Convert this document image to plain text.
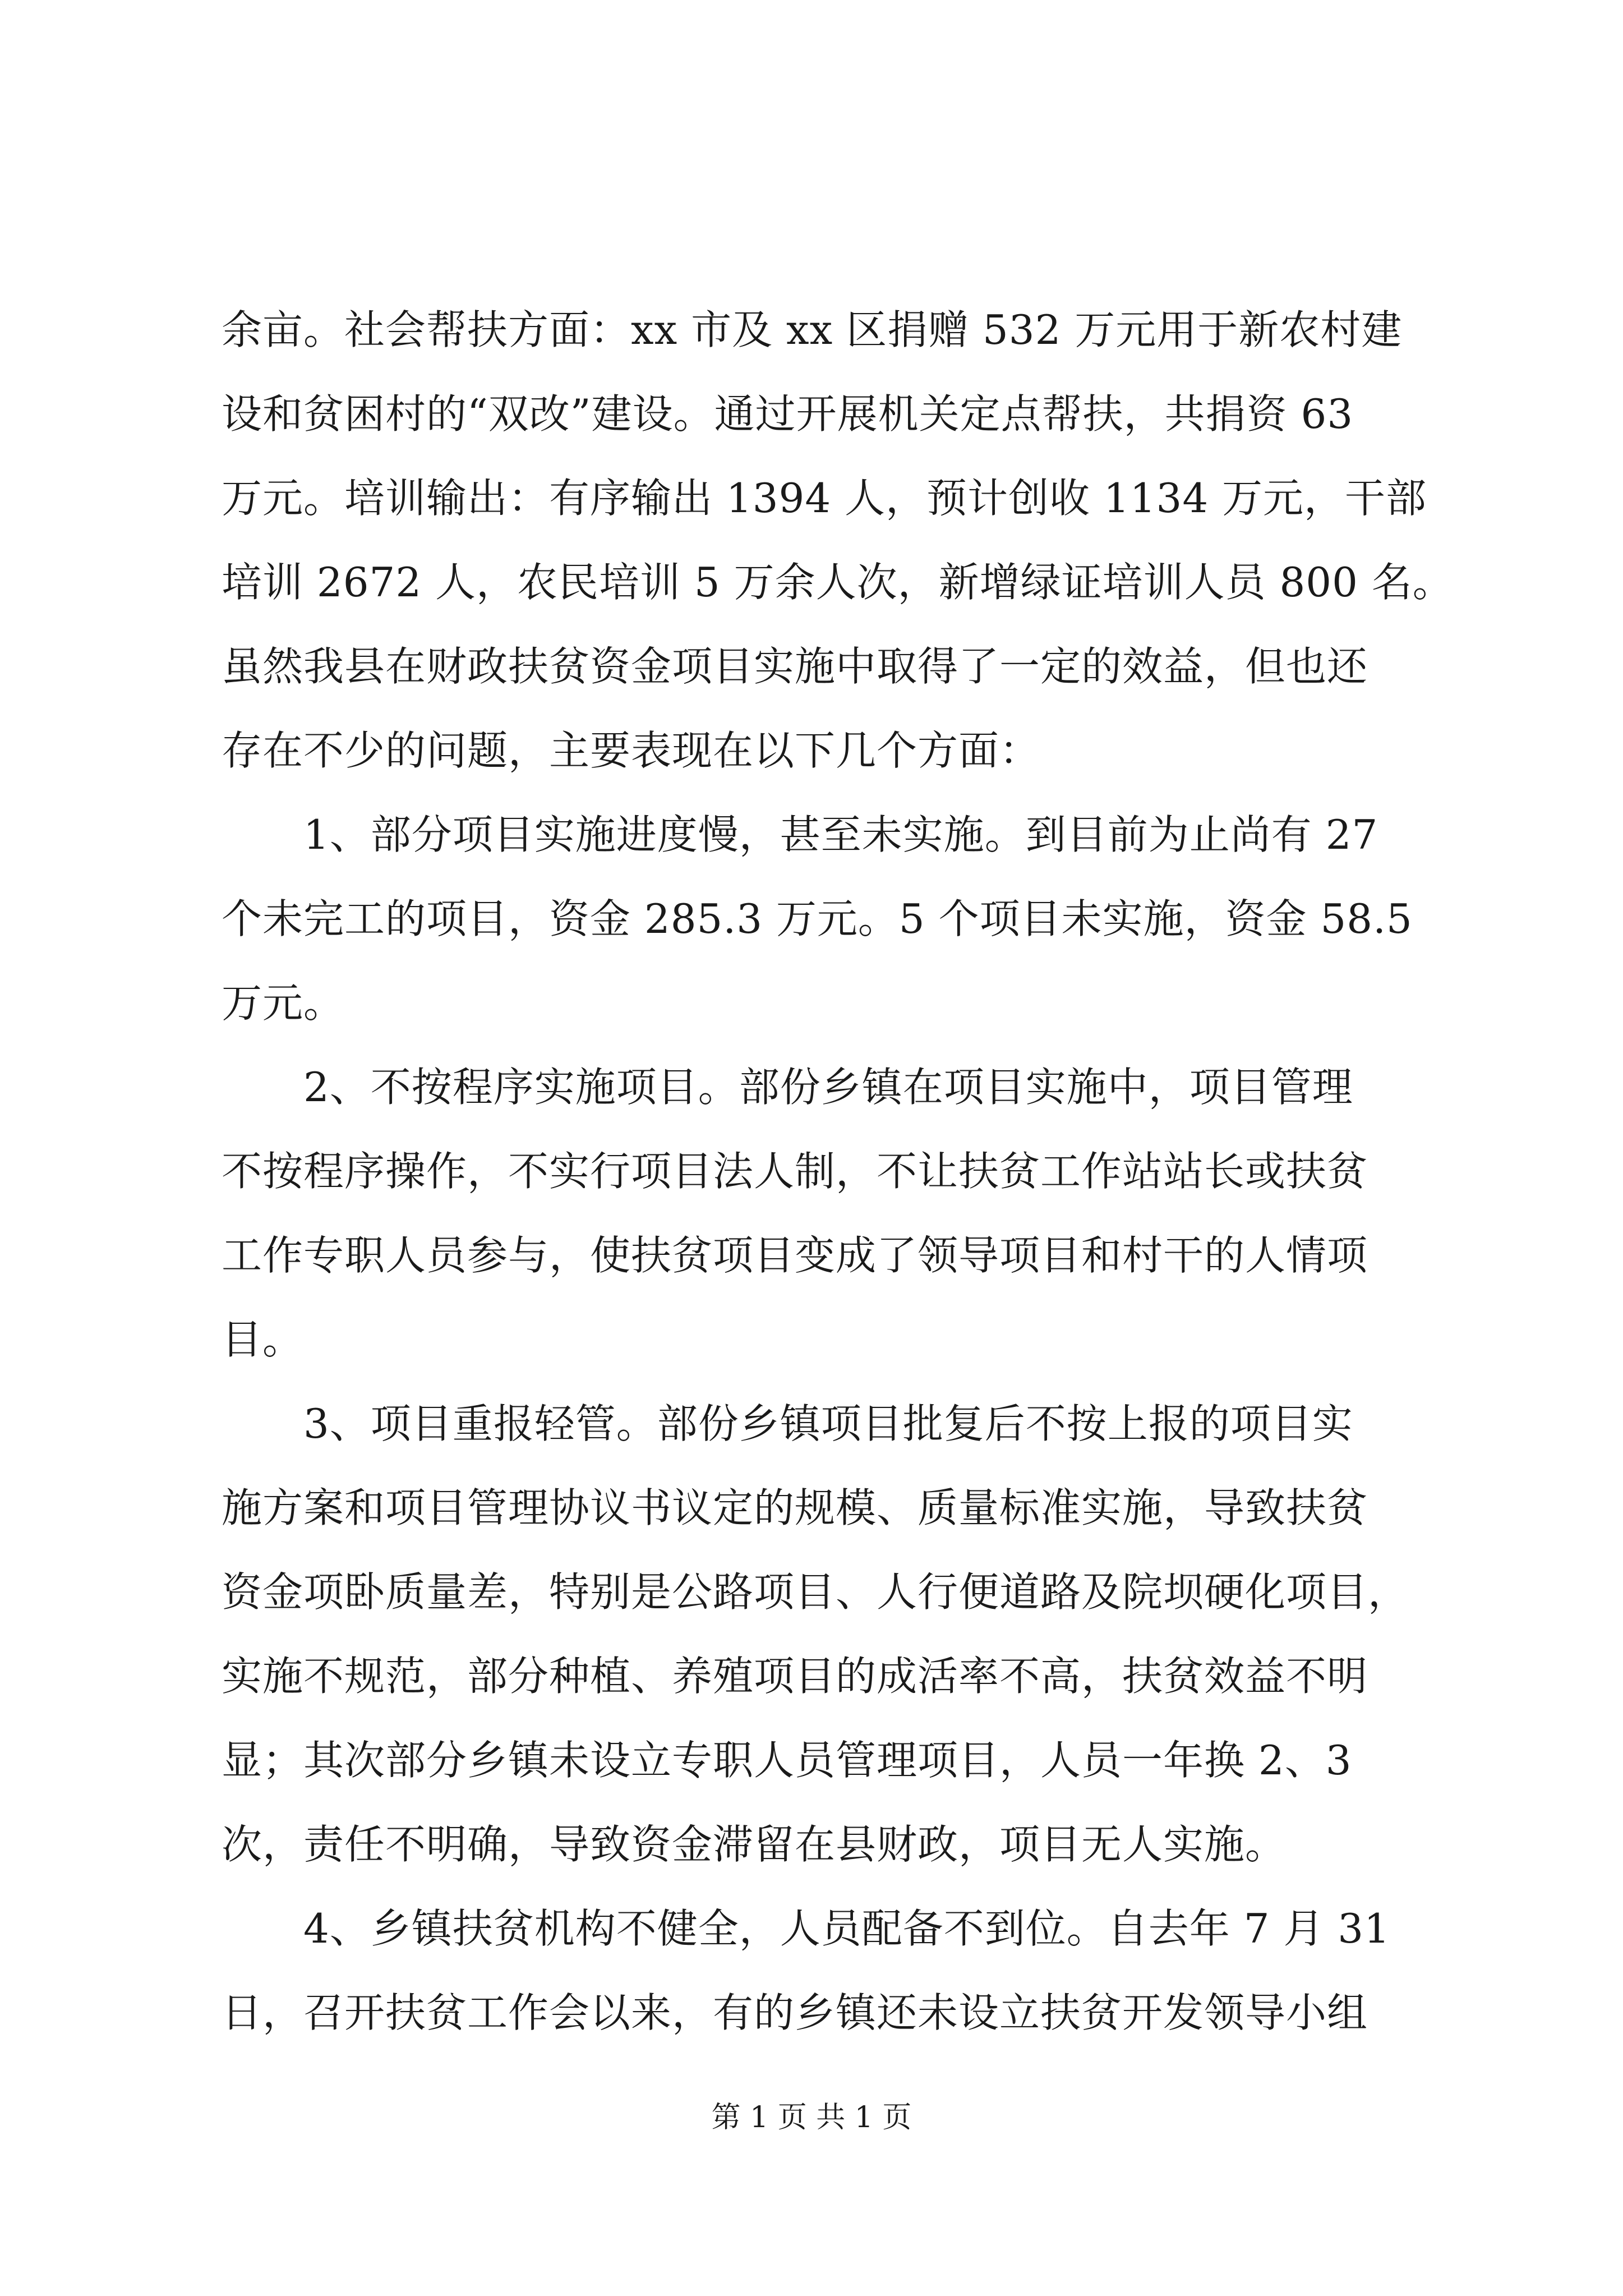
余亩。社会帮扶方面：xx 市及 xx 区捐赠 532 万元用于新农村建
设和贫困村的“双改”建设。通过开展机关定点帮扶，共捐资 63
万元。培训输出：有序输出 1394 人，预计创收 1134 万元，干部
培训 2672 人，农民培训 5 万余人次，新增绿证培训人员 800 名。
虽然我县在财政扶贫资金项目实施中取得了一定的效益，但也还
存在不少的问题，主要表现在以下几个方面：
　　1、部分项目实施进度慢，甚至未实施。到目前为止尚有 27
个未完工的项目，资金 285.3 万元。5 个项目未实施，资金 58.5
万元。
　　2、不按程序实施项目。部份乡镇在项目实施中，项目管理
不按程序操作，不实行项目法人制，不让扶贫工作站站长或扶贫
工作专职人员参与，使扶贫项目变成了领导项目和村干的人情项
目。
　　3、项目重报轻管。部份乡镇项目批复后不按上报的项目实
施方案和项目管理协议书议定的规模、质量标准实施，导致扶贫
资金项卧质量差，特别是公路项目、人行便道路及院坝硬化项目，
实施不规范，部分种植、养殖项目的成活率不高，扶贫效益不明
显；其次部分乡镇未设立专职人员管理项目，人员一年换 2、3
次，责任不明确，导致资金滞留在县财政，项目无人实施。
　　4、乡镇扶贫机构不健全，人员配备不到位。自去年 7 月 31
日，召开扶贫工作会以来，有的乡镇还未设立扶贫开发领导小组
第 1 页 共 1 页
